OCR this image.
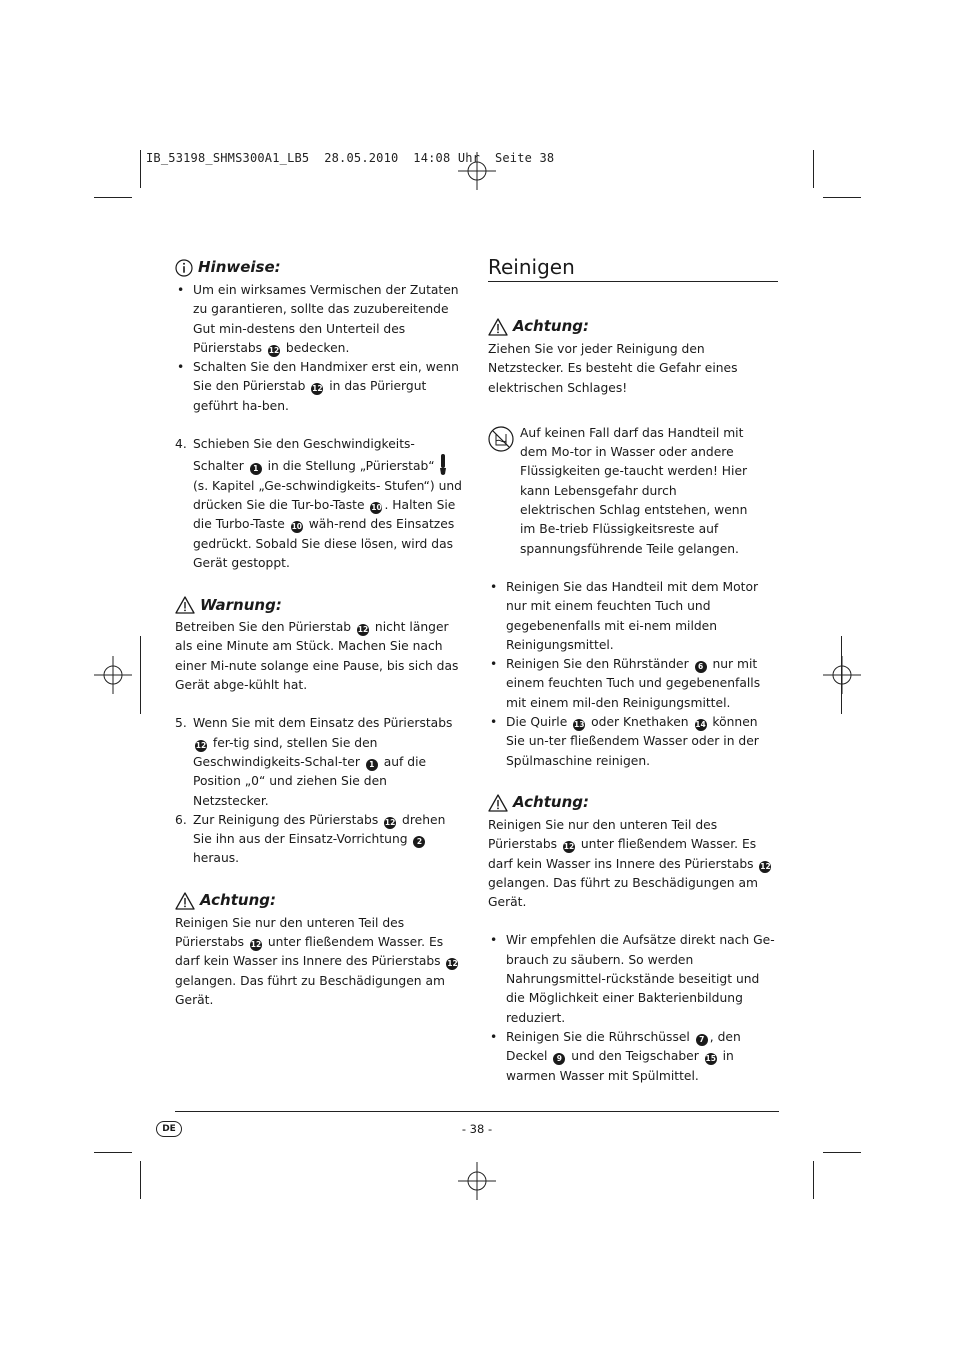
IB_53198_SHMS300A1_LB5  28.05.2010  14:08 Uhr  Seite 38
Hinweise:
• Um ein wirksames Vermischen der Zutaten zu garantieren, sollte das zuzubereitende Gut min-destens den Unterteil des Pürierstabs 12 bedecken.
• Schalten Sie den Handmixer erst ein, wenn Sie den Pürierstab 12 in das Püriergut geführt ha-ben.
4. Schieben Sie den Geschwindigkeits-Schalter 1 in die Stellung „Pürierstab“  (s. Kapitel „Ge-schwindigkeits- Stufen“) und drücken Sie die Tur-bo-Taste 10 . Halten Sie die Turbo-Taste 10 wäh-rend des Einsatzes gedrückt. Sobald Sie diese lösen, wird das Gerät gestoppt.
Warnung:

Betreiben Sie den Pürierstab 12 nicht länger als eine Minute am Stück. Machen Sie nach einer Mi-nute solange eine Pause, bis sich das Gerät abge-kühlt hat.

5. Wenn Sie mit dem Einsatz des Pürierstabs 12 fer-tig sind, stellen Sie den Geschwindigkeits-Schal-ter 1 auf die Position „0“ und ziehen Sie den Netzstecker.
6. Zur Reinigung des Pürierstabs 12 drehen Sie ihn aus der Einsatz-Vorrichtung 2 heraus.
Achtung:

Reinigen Sie nur den unteren Teil des Pürierstabs 12 unter fließendem Wasser. Es darf kein Wasser ins Innere des Pürierstabs 12 gelangen. Das führt zu Beschädigungen am Gerät.

Reinigen
Achtung:

Ziehen Sie vor jeder Reinigung den Netzstecker. Es besteht die Gefahr eines elektrischen Schlages!

Auf keinen Fall darf das Handteil mit dem Mo-tor in Wasser oder andere Flüssigkeiten ge-taucht werden! Hier kann Lebensgefahr durch elektrischen Schlag entstehen, wenn im Be-trieb Flüssigkeitsreste auf spannungsführende Teile gelangen.

• Reinigen Sie das Handteil mit dem Motor nur mit einem feuchten Tuch und gegebenenfalls mit ei-nem milden Reinigungsmittel.
• Reinigen Sie den Rührständer 6 nur mit einem feuchten Tuch und gegebenenfalls mit einem mil-den Reinigungsmittel.
• Die Quirle 13 oder Knethaken 14 können Sie un-ter fließendem Wasser oder in der Spülmaschine reinigen.
Achtung:

Reinigen Sie nur den unteren Teil des Pürierstabs 12 unter fließendem Wasser. Es darf kein Wasser ins Innere des Pürierstabs 12 gelangen. Das führt zu Beschädigungen am Gerät.

• Wir empfehlen die Aufsätze direkt nach Ge-brauch zu säubern. So werden Nahrungsmittel-rückstände beseitigt und die Möglichkeit einer Bakterienbildung reduziert.
• Reinigen Sie die Rührschüssel 7 , den Deckel 9 und den Teigschaber 15 in warmen Wasser mit Spülmittel.
DE	- 38 -
